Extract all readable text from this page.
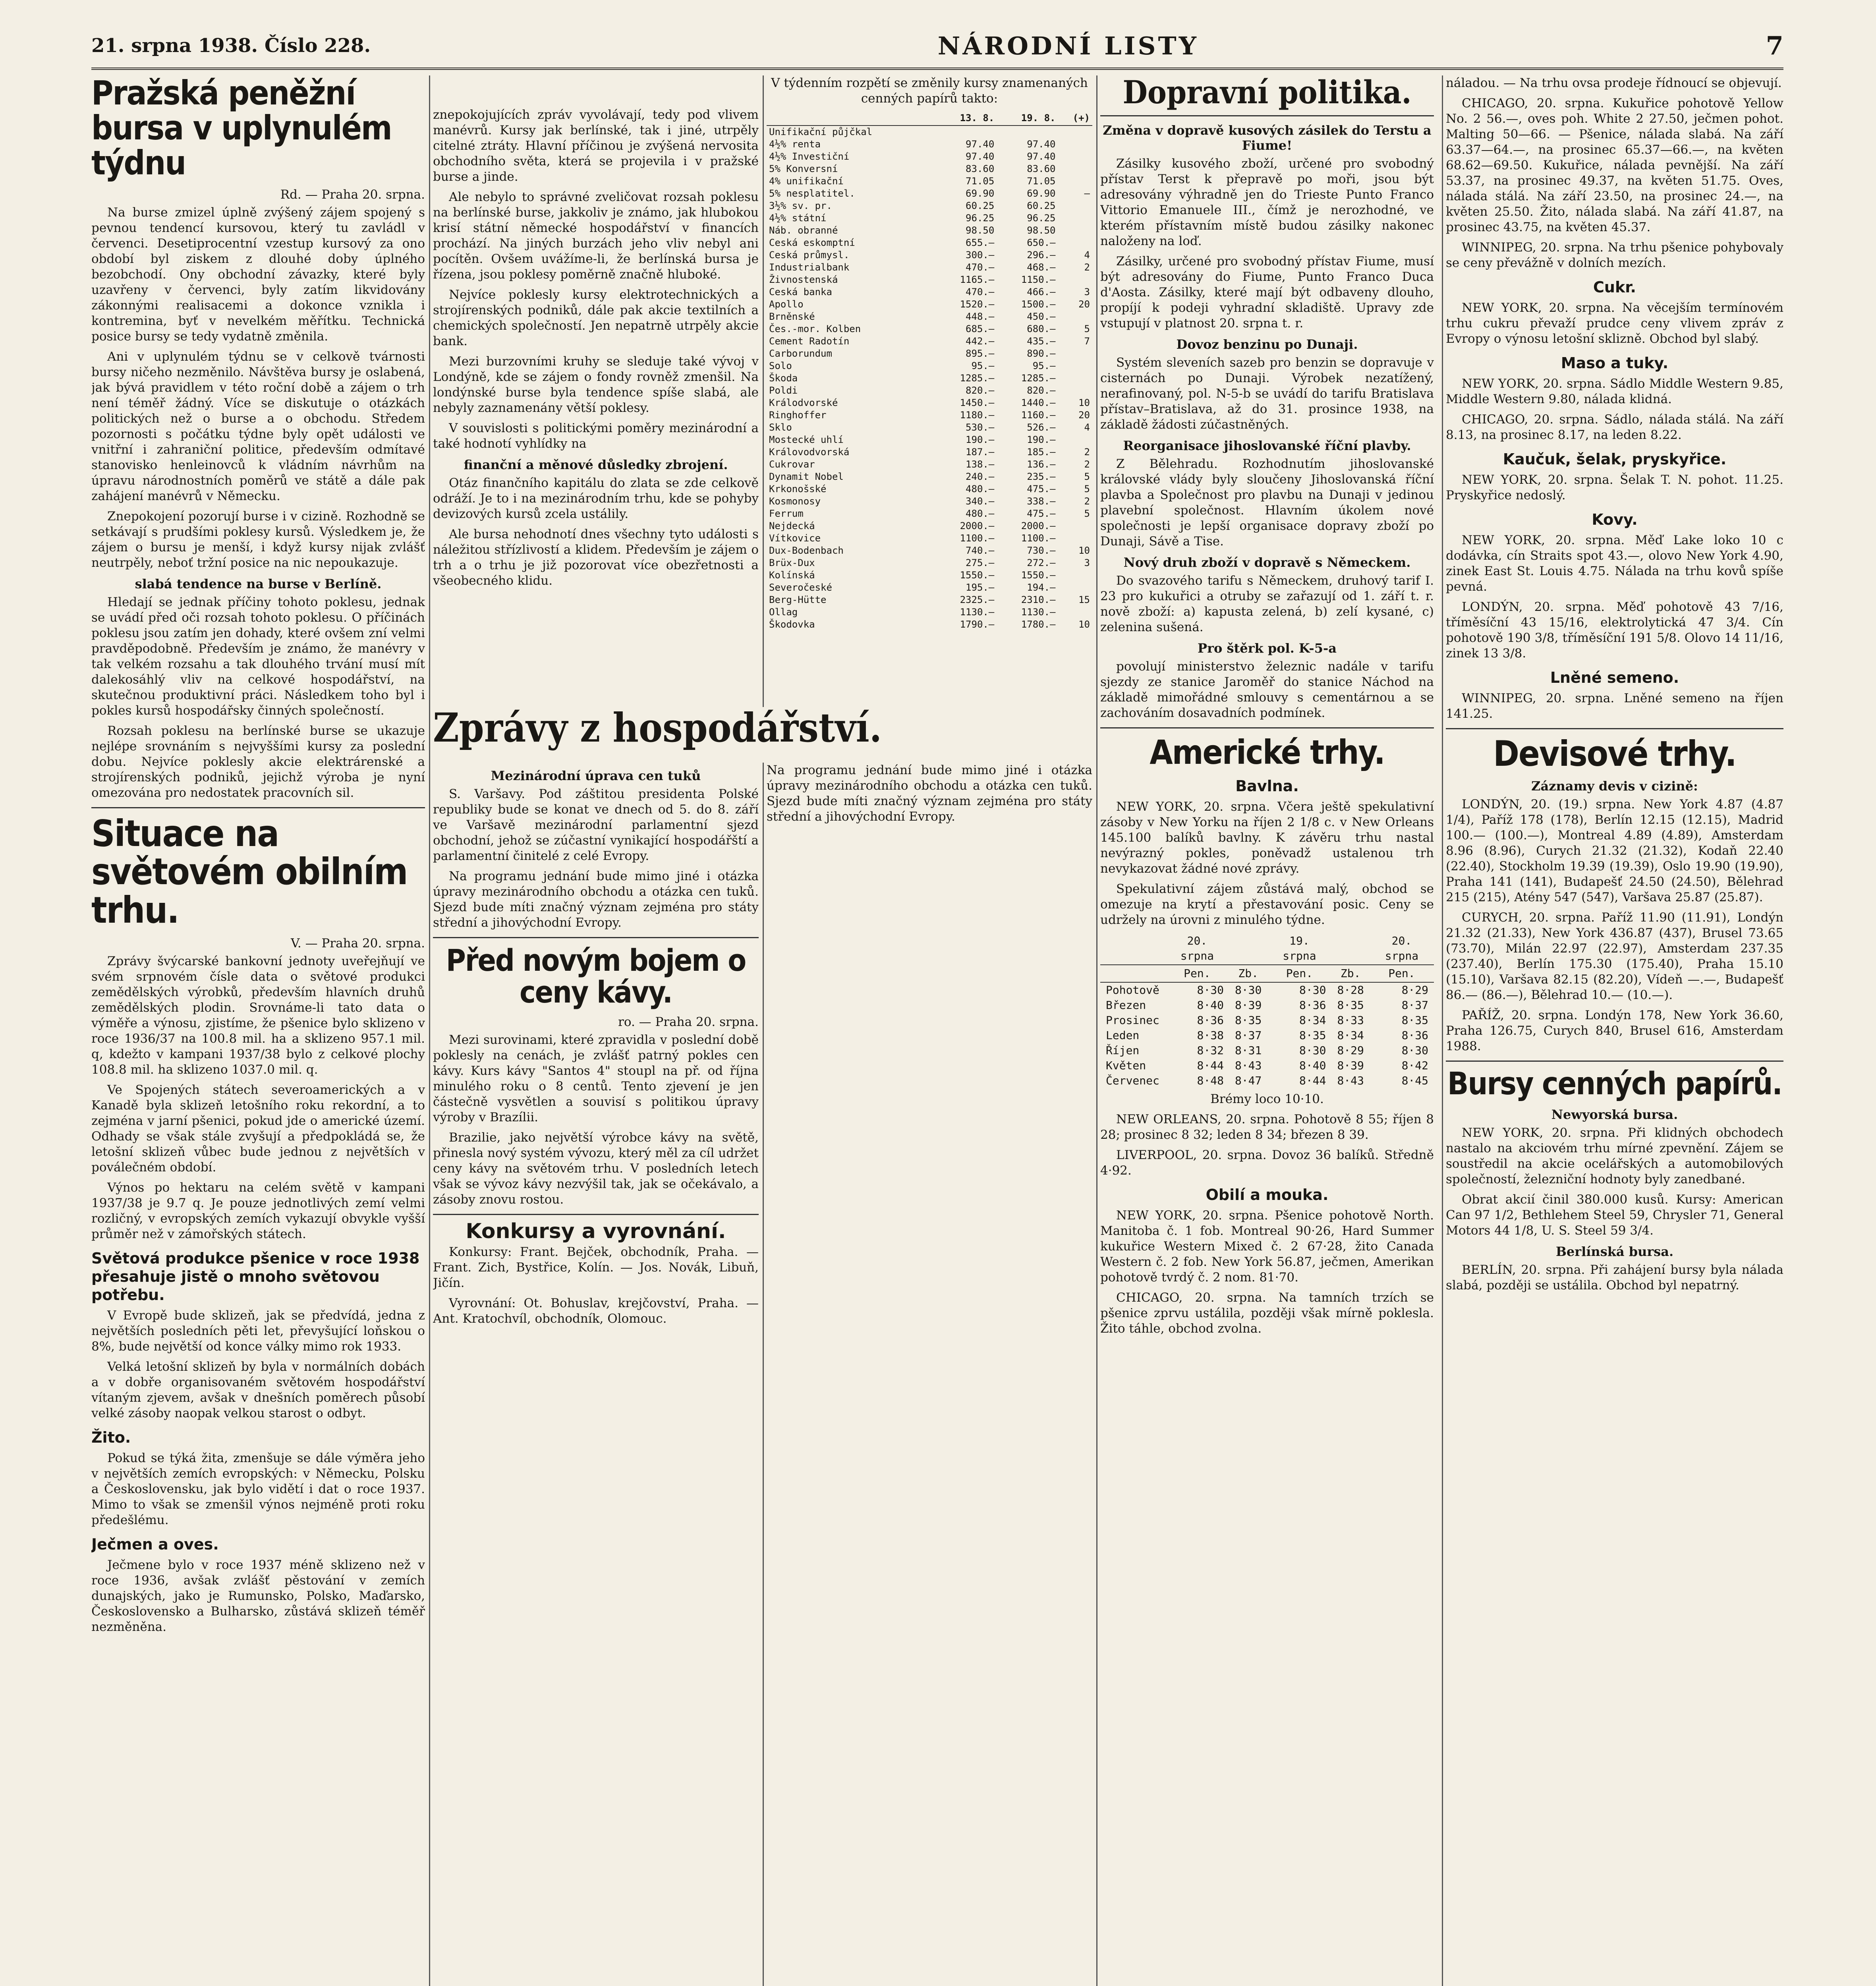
21. srpna 1938. Číslo 228.	NÁRODNÍ LISTY	7
Pražská peněžní bursa v uplynulém týdnu
Rd. — Praha 20. srpna.

Na burse zmizel úplně zvýšený zájem spojený s pevnou tendencí kursovou, který tu zavládl v červenci. Desetiprocentní vzestup kursový za ono období byl ziskem z dlouhé doby úplného bezobchodí. Ony obchodní závazky, které byly uzavřeny v červenci, byly zatím likvidovány zákonnými realisacemi a dokonce vznikla i kontremina, byť v nevelkém měřítku. Technická posice bursy se tedy vydatně změnila.

Ani v uplynulém týdnu se v celkově tvárnosti bursy ničeho nezměnilo. Návštěva bursy je oslabená, jak bývá pravidlem v této roční době a zájem o trh není téměř žádný. Více se diskutuje o otázkách politických než o burse a o obchodu. Středem pozornosti s počátku týdne byly opět události ve vnitřní i zahraniční politice, především odmítavé stanovisko henleinovců k vládním návrhům na úpravu národnostních poměrů ve státě a dále pak zahájení manévrů v Německu.

Znepokojení pozorují burse i v cizině. Rozhodně se setkávají s prudšími poklesy kursů. Výsledkem je, že zájem o bursu je menší, i když kursy nijak zvlášť neutrpěly, neboť tržní posice na nic nepoukazuje.

slabá tendence na burse v Berlíně.

Hledají se jednak příčiny tohoto poklesu, jednak se uvádí před oči rozsah tohoto poklesu. O příčinách poklesu jsou zatím jen dohady, které ovšem zní velmi pravděpodobně. Především je známo, že manévry v tak velkém rozsahu a tak dlouhého trvání musí mít dalekosáhlý vliv na celkové hospodářství, na skutečnou produktivní práci. Následkem toho byl i pokles kursů hospodářsky činných společností.

Rozsah poklesu na berlínské burse se ukazuje nejlépe srovnáním s nejvyššími kursy za poslední dobu. Nejvíce poklesly akcie elektrárenské a strojírenských podniků, jejichž výroba je nyní omezována pro nedostatek pracovních sil.

Situace na světovém obilním trhu.
V. — Praha 20. srpna.

Zprávy švýcarské bankovní jednoty uveřejňují ve svém srpnovém čísle data o světové produkci zemědělských výrobků, především hlavních druhů zemědělských plodin. Srovnáme-li tato data o výměře a výnosu, zjistíme, že pšenice bylo sklizeno v roce 1936/37 na 100.8 mil. ha a sklizeno 957.1 mil. q, kdežto v kampani 1937/38 bylo z celkové plochy 108.8 mil. ha sklizeno 1037.0 mil. q.

Ve Spojených státech severoamerických a v Kanadě byla sklizeň letošního roku rekordní, a to zejména v jarní pšenici, pokud jde o americké území. Odhady se však stále zvyšují a předpokládá se, že letošní sklizeň vůbec bude jednou z největších v poválečném období.

Výnos po hektaru na celém světě v kampani 1937/38 je 9.7 q. Je pouze jednotlivých zemí velmi rozličný, v evropských zemích vykazují obvykle vyšší průměr než v zámořských státech.

Světová produkce pšenice v roce 1938 přesahuje jistě o mnoho světovou potřebu.

V Evropě bude sklizeň, jak se předvídá, jedna z největších posledních pěti let, převyšující loňskou o 8%, bude největší od konce války mimo rok 1933.

Velká letošní sklizeň by byla v normálních dobách a v dobře organisovaném světovém hospodářství vítaným zjevem, avšak v dnešních poměrech působí velké zásoby naopak velkou starost o odbyt.

Žito.

Pokud se týká žita, zmenšuje se dále výměra jeho v největších zemích evropských: v Německu, Polsku a Československu, jak bylo vidětí i dat o roce 1937. Mimo to však se zmenšil výnos nejméně proti roku předešlému.

Ječmen a oves.

Ječmene bylo v roce 1937 méně sklizeno než v roce 1936, avšak zvlášť pěstování v zemích dunajských, jako je Rumunsko, Polsko, Maďarsko, Československo a Bulharsko, zůstává sklizeň téměř nezměněna.

znepokojujících zpráv vyvolávají, tedy pod vlivem manévrů. Kursy jak berlínské, tak i jiné, utrpěly citelné ztráty. Hlavní příčinou je zvýšená nervosita obchodního světa, která se projevila i v pražské burse a jinde.

Ale nebylo to správné zveličovat rozsah poklesu na berlínské burse, jakkoliv je známo, jak hlubokou krisí státní německé hospodářství v financích prochází. Na jiných burzách jeho vliv nebyl ani pocítěn. Ovšem uvážíme-li, že berlínská bursa je řízena, jsou poklesy poměrně značně hluboké.

Nejvíce poklesly kursy elektrotechnických a strojírenských podniků, dále pak akcie textilních a chemických společností. Jen nepatrně utrpěly akcie bank.

Mezi burzovními kruhy se sleduje také vývoj v Londýně, kde se zájem o fondy rovněž zmenšil. Na londýnské burse byla tendence spíše slabá, ale nebyly zaznamenány větší poklesy.

V souvislosti s politickými poměry mezinárodní a také hodnotí vyhlídky na

finanční a měnové důsledky zbrojení.

Otáz finančního kapitálu do zlata se zde celkově odráží. Je to i na mezinárodním trhu, kde se pohyby devizových kursů zcela ustálily.

Ale bursa nehodnotí dnes všechny tyto události s náležitou střízlivostí a klidem. Především je zájem o trh a o trhu je již pozorovat více obezřetnosti a všeobecného klidu.

Zprávy z hospodářství.
Mezinárodní úprava cen tuků

S. Varšavy. Pod záštitou presidenta Polské republiky bude se konat ve dnech od 5. do 8. září ve Varšavě mezinárodní parlamentní sjezd obchodní, jehož se zúčastní vynikající hospodářští a parlamentní činitelé z celé Evropy.

Na programu jednání bude mimo jiné i otázka úpravy mezinárodního obchodu a otázka cen tuků. Sjezd bude míti značný význam zejména pro státy střední a jihovýchodní Evropy.

Před novým bojem o ceny kávy.
ro. — Praha 20. srpna.

Mezi surovinami, které zpravidla v poslední době poklesly na cenách, je zvlášť patrný pokles cen kávy. Kurs kávy "Santos 4" stoupl na př. od října minulého roku o 8 centů. Tento zjevení je jen částečně vysvětlen a souvisí s politikou úpravy výroby v Brazílii.

Brazilie, jako největší výrobce kávy na světě, přinesla nový systém vývozu, který měl za cíl udržet ceny kávy na světovém trhu. V posledních letech však se vývoz kávy nezvýšil tak, jak se očekávalo, a zásoby znovu rostou.

Konkursy a vyrovnání.

Konkursy: Frant. Bejček, obchodník, Praha. — Frant. Zich, Bystřice, Kolín. — Jos. Novák, Libuň, Jičín.

Vyrovnání: Ot. Bohuslav, krejčovství, Praha. — Ant. Kratochvíl, obchodník, Olomouc.

V týdenním rozpětí se změnily kursy znamenaných cenných papírů takto:

	13. 8.	19. 8.	(+)
Unifikační půjčkal			
4½% renta	97.40	97.40	
4½% Investiční	97.40	97.40	
5% Konversní	83.60	83.60	
4% unifikační	71.05	71.05	
5% nesplatitel.	69.90	69.90	—
3½% sv. pr.	60.25	60.25	
4½% státní	96.25	96.25	
Náb. obranné	98.50	98.50	
Ceská eskomptní	655.—	650.—	
Ceská průmysl.	300.—	296.—	4
Industrialbank	470.—	468.—	2
Živnostenská	1165.—	1150.—	
Ceská banka	470.—	466.—	3
Apollo	1520.—	1500.—	20
Brněnské	448.—	450.—	
Čes.-mor. Kolben	685.—	680.—	5
Cement Radotín	442.—	435.—	7
Carborundum	895.—	890.—	
Solo	95.—	95.—	
Škoda	1285.—	1285.—	
Poldi	820.—	820.—	
Králodvorské	1450.—	1440.—	10
Ringhoffer	1180.—	1160.—	20
Sklo	530.—	526.—	4
Mostecké uhlí	190.—	190.—	
Královodvorská	187.—	185.—	2
Cukrovar	138.—	136.—	2
Dynamit Nobel	240.—	235.—	5
Krkonošské	480.—	475.—	5
Kosmonosy	340.—	338.—	2
Ferrum	480.—	475.—	5
Nejdecká	2000.—	2000.—	
Vítkovice	1100.—	1100.—	
Dux-Bodenbach	740.—	730.—	10
Brüx-Dux	275.—	272.—	3
Kolínská	1550.—	1550.—	
Severočeské	195.—	194.—	
Berg-Hütte	2325.—	2310.—	15
Ollag	1130.—	1130.—	
Škodovka	1790.—	1780.—	10

Na programu jednání bude mimo jiné i otázka úpravy mezinárodního obchodu a otázka cen tuků. Sjezd bude míti značný význam zejména pro státy střední a jihovýchodní Evropy.

Dopravní politika.
Změna v dopravě kusových zásilek do Terstu a Fiume!

Zásilky kusového zboží, určené pro svobodný přístav Terst k přepravě po moři, jsou být adresovány výhradně jen do Trieste Punto Franco Vittorio Emanuele III., čímž je nerozhodné, ve kterém přístavním místě budou zásilky nakonec naloženy na loď.

Zásilky, určené pro svobodný přístav Fiume, musí být adresovány do Fiume, Punto Franco Duca d'Aosta. Zásilky, které mají být odbaveny dlouho, propíjí k podeji vyhradní skladiště. Upravy zde vstupují v platnost 20. srpna t. r.

Dovoz benzinu po Dunaji.

Systém sleveních sazeb pro benzin se dopravuje v cisternách po Dunaji. Výrobek nezatížený, nerafinovaný, pol. N-5-b se uvádí do tarifu Bratislava přístav–Bratislava, až do 31. prosince 1938, na základě žádosti zúčastněných.

Reorganisace jihoslovanské říční plavby.

Z Bělehradu. Rozhodnutím jihoslovanské královské vlády byly sloučeny Jihoslovanská říční plavba a Společnost pro plavbu na Dunaji v jedinou plavební společnost. Hlavním úkolem nové společnosti je lepší organisace dopravy zboží po Dunaji, Sávě a Tise.

Nový druh zboží v dopravě s Německem.

Do svazového tarifu s Německem, druhový tarif I. 23 pro kukuřici a otruby se zařazují od 1. září t. r. nově zboží: a) kapusta zelená, b) zelí kysané, c) zelenina sušená.

Pro štěrk pol. K-5-a

povolují ministerstvo železnic nadále v tarifu sjezdy ze stanice Jaroměř do stanice Náchod na základě mimořádné smlouvy s cementárnou a se zachováním dosavadních podmínek.

Americké trhy.
Bavlna.

NEW YORK, 20. srpna. Včera ještě spekulativní zásoby v New Yorku na říjen 2 1/8 c. v New Orleans 145.100 balíků bavlny. K závěru trhu nastal nevýrazný pokles, poněvadž ustalenou trh nevykazovat žádné nové zprávy.

Spekulativní zájem zůstává malý, obchod se omezuje na krytí a přestavování posic. Ceny se udržely na úrovni z minulého týdne.

	20. srpna		19. srpna		20. srpna
	Pen.	Zb.	Pen.	Zb.	Pen.
Pohotově	8·30	8·30	8·30	8·28	8·29
Březen	8·40	8·39	8·36	8·35	8·37
Prosinec	8·36	8·35	8·34	8·33	8·35
Leden	8·38	8·37	8·35	8·34	8·36
Říjen	8·32	8·31	8·30	8·29	8·30
Květen	8·44	8·43	8·40	8·39	8·42
Červenec	8·48	8·47	8·44	8·43	8·45

Brémy loco 10·10.

NEW ORLEANS, 20. srpna. Pohotově 8 55; říjen 8 28; prosinec 8 32; leden 8 34; březen 8 39.

LIVERPOOL, 20. srpna. Dovoz 36 balíků. Středně 4·92.

Obilí a mouka.

NEW YORK, 20. srpna. Pšenice pohotově North. Manitoba č. 1 fob. Montreal 90·26, Hard Summer kukuřice Western Mixed č. 2 67·28, žito Canada Western č. 2 fob. New York 56.87, ječmen, Amerikan pohotově tvrdý č. 2 nom. 81·70.

CHICAGO, 20. srpna. Na tamních trzích se pšenice zprvu ustálila, později však mírně poklesla. Žito táhle, obchod zvolna.

náladou. — Na trhu ovsa prodeje řídnoucí se objevují.

CHICAGO, 20. srpna. Kukuřice pohotově Yellow No. 2 56.—, oves poh. White 2 27.50, ječmen pohot. Malting 50—66. — Pšenice, nálada slabá. Na září 63.37—64.—, na prosinec 65.37—66.—, na květen 68.62—69.50. Kukuřice, nálada pevnější. Na září 53.37, na prosinec 49.37, na květen 51.75. Oves, nálada stálá. Na září 23.50, na prosinec 24.—, na květen 25.50. Žito, nálada slabá. Na září 41.87, na prosinec 43.75, na květen 45.37.

WINNIPEG, 20. srpna. Na trhu pšenice pohybovaly se ceny převážně v dolních mezích.

Cukr.

NEW YORK, 20. srpna. Na věcejším termínovém trhu cukru převaží prudce ceny vlivem zpráv z Evropy o výnosu letošní sklizně. Obchod byl slabý.

Maso a tuky.

NEW YORK, 20. srpna. Sádlo Middle Western 9.85, Middle Western 9.80, nálada klidná.

CHICAGO, 20. srpna. Sádlo, nálada stálá. Na září 8.13, na prosinec 8.17, na leden 8.22.

Kaučuk, šelak, pryskyřice.

NEW YORK, 20. srpna. Šelak T. N. pohot. 11.25. Pryskyřice nedoslý.

Kovy.

NEW YORK, 20. srpna. Měď Lake loko 10 c dodávka, cín Straits spot 43.—, olovo New York 4.90, zinek East St. Louis 4.75. Nálada na trhu kovů spíše pevná.

LONDÝN, 20. srpna. Měď pohotově 43 7/16, tříměsíční 43 15/16, elektrolytická 47 3/4. Cín pohotově 190 3/8, tříměsíční 191 5/8. Olovo 14 11/16, zinek 13 3/8.

Lněné semeno.

WINNIPEG, 20. srpna. Lněné semeno na říjen 141.25.

Devisové trhy.
Záznamy devis v cizině:

LONDÝN, 20. (19.) srpna. New York 4.87 (4.87 1/4), Paříž 178 (178), Berlín 12.15 (12.15), Madrid 100.— (100.—), Montreal 4.89 (4.89), Amsterdam 8.96 (8.96), Curych 21.32 (21.32), Kodaň 22.40 (22.40), Stockholm 19.39 (19.39), Oslo 19.90 (19.90), Praha 141 (141), Budapešť 24.50 (24.50), Bělehrad 215 (215), Atény 547 (547), Varšava 25.87 (25.87).

CURYCH, 20. srpna. Paříž 11.90 (11.91), Londýn 21.32 (21.33), New York 436.87 (437), Brusel 73.65 (73.70), Milán 22.97 (22.97), Amsterdam 237.35 (237.40), Berlín 175.30 (175.40), Praha 15.10 (15.10), Varšava 82.15 (82.20), Vídeň —.—, Budapešť 86.— (86.—), Bělehrad 10.— (10.—).

PAŘÍŽ, 20. srpna. Londýn 178, New York 36.60, Praha 126.75, Curych 840, Brusel 616, Amsterdam 1988.

Bursy cenných papírů.
Newyorská bursa.

NEW YORK, 20. srpna. Při klidných obchodech nastalo na akciovém trhu mírné zpevnění. Zájem se soustředil na akcie ocelářských a automobilových společností, železniční hodnoty byly zanedbané.

Obrat akcií činil 380.000 kusů. Kursy: American Can 97 1/2, Bethlehem Steel 59, Chrysler 71, General Motors 44 1/8, U. S. Steel 59 3/4.

Berlínská bursa.

BERLÍN, 20. srpna. Při zahájení bursy byla nálada slabá, později se ustálila. Obchod byl nepatrný.
